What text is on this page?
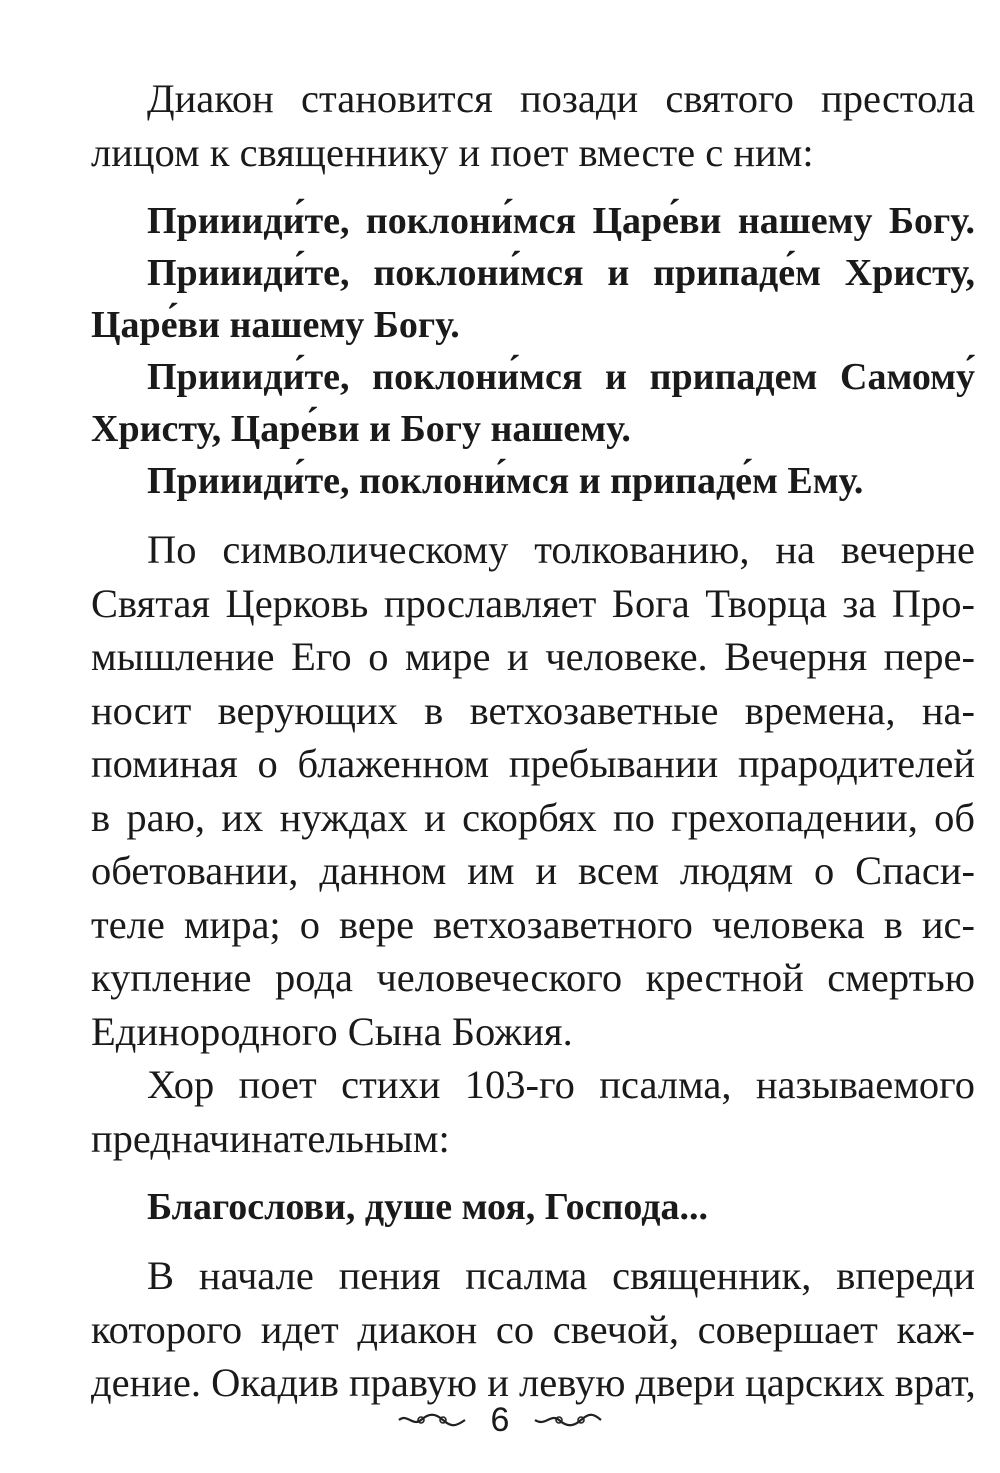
Диакон становится позади святого престола
лицом к священнику и поет вместе с ним:

Приииди́те, поклони́мся Царе́ви нашему Богу.

Приииди́те, поклони́мся и припаде́м Христу,
Царе́ви нашему Богу.

Приииди́те, поклони́мся и припадем Самому́
Христу, Царе́ви и Богу нашему.

Приииди́те, поклони́мся и припаде́м Ему.

По символическому толкованию, на вечерне
Святая Церковь прославляет Бога Творца за Про-
мышление Его о мире и человеке. Вечерня пере-
носит верующих в ветхозаветные времена, на-
поминая о блаженном пребывании прародителей
в раю, их нуждах и скорбях по грехопадении, об
обетовании, данном им и всем людям о Спаси-
теле мира; о вере ветхозаветного человека в ис-
купление рода человеческого крестной смертью
Единородного Сына Божия.

Хор поет стихи 103-го псалма, называемого
предначинательным:

Благослови, душе моя, Господа...

В начале пения псалма священник, впереди
которого идет диакон со свечой, совершает каж-
дение. Окадив правую и левую двери царских врат,

6
